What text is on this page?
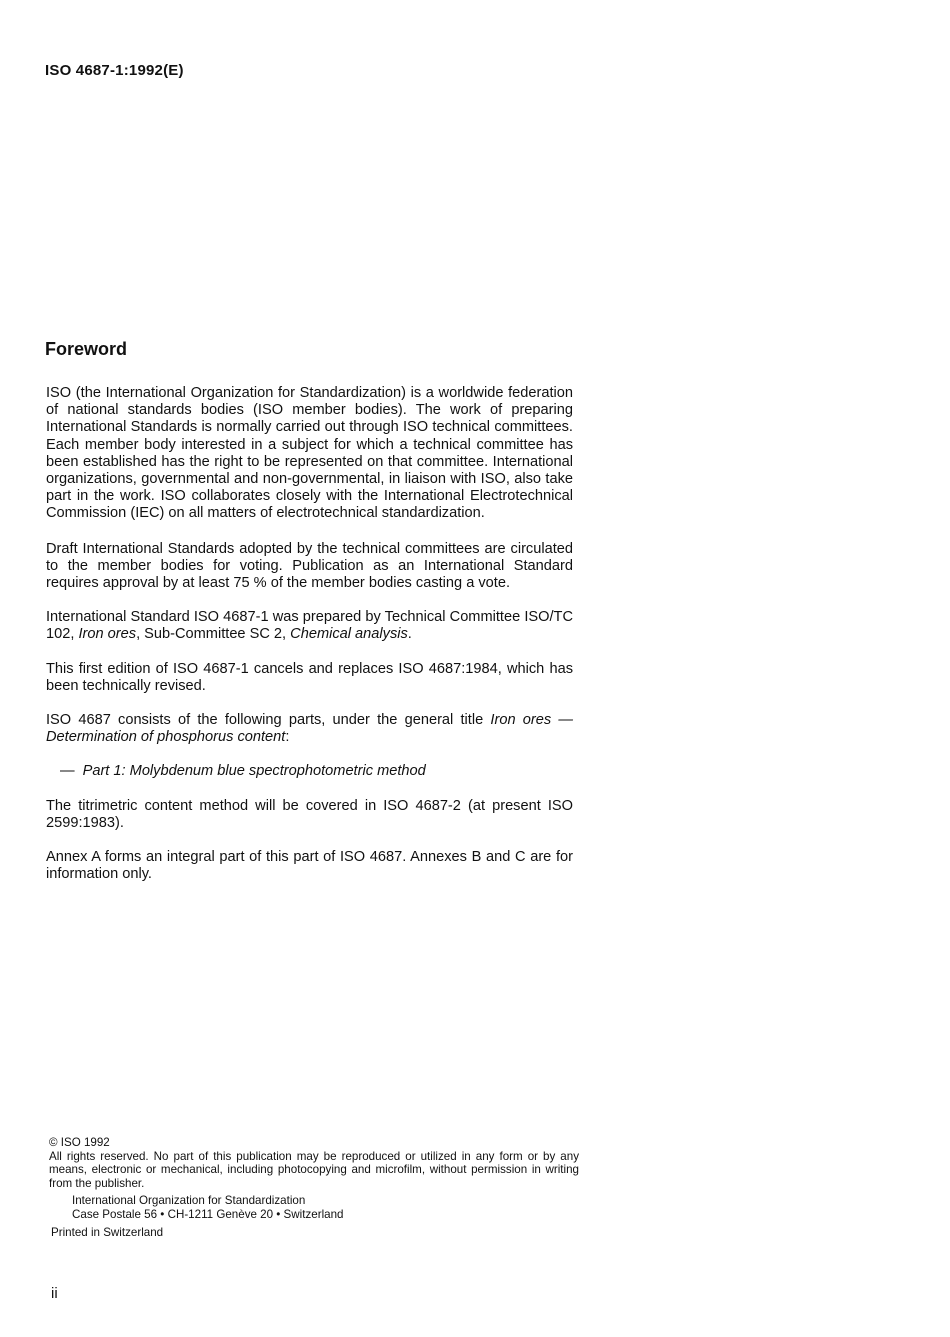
ISO 4687-1:1992(E)
Foreword

ISO (the International Organization for Standardization) is a worldwide federation of national standards bodies (ISO member bodies). The work of preparing International Standards is normally carried out through ISO technical committees. Each member body interested in a subject for which a technical committee has been established has the right to be represented on that committee. International organizations, governmental and non-governmental, in liaison with ISO, also take part in the work. ISO collaborates closely with the International Electrotechnical Commission (IEC) on all matters of electrotechnical standardization.

Draft International Standards adopted by the technical committees are circulated to the member bodies for voting. Publication as an International Standard requires approval by at least 75 % of the member bodies casting a vote.

International Standard ISO 4687-1 was prepared by Technical Committee ISO/TC 102, Iron ores, Sub-Committee SC 2, Chemical analysis.

This first edition of ISO 4687-1 cancels and replaces ISO 4687:1984, which has been technically revised.

ISO 4687 consists of the following parts, under the general title Iron ores — Determination of phosphorus content:

— Part 1: Molybdenum blue spectrophotometric method

The titrimetric content method will be covered in ISO 4687-2 (at present ISO 2599:1983).

Annex A forms an integral part of this part of ISO 4687. Annexes B and C are for information only.

© ISO 1992

All rights reserved. No part of this publication may be reproduced or utilized in any form or by any means, electronic or mechanical, including photocopying and microfilm, without permission in writing from the publisher.

International Organization for Standardization
Case Postale 56 • CH-1211 Genève 20 • Switzerland
Printed in Switzerland
ii
